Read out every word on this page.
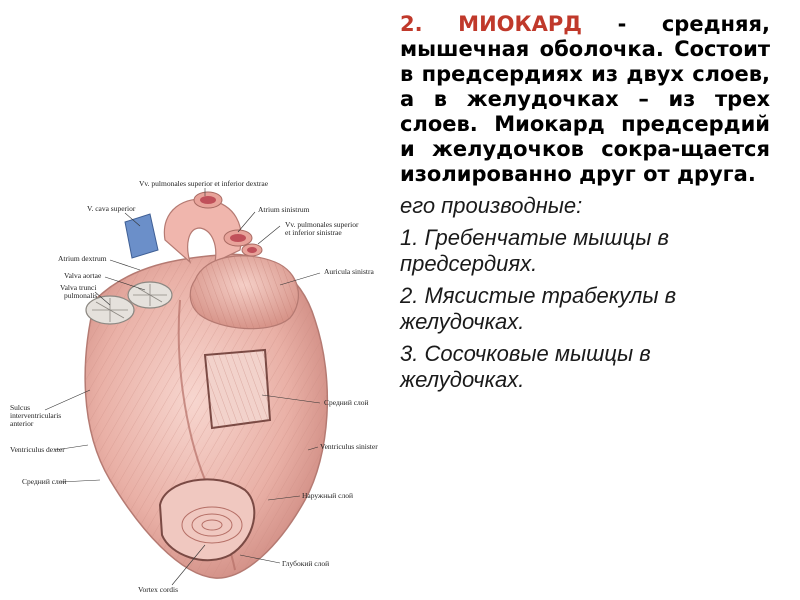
2. МИОКАРД - средняя, мышечная оболочка. Состоит в предсердиях из двух слоев, а в желудочках – из трех слоев. Миокард предсердий и желудочков сокра-щается изолированно друг от друга.

его производные:

1. Гребенчатые мышцы в

предсердиях.

2. Мясистые трабекулы в

желудочках.

3. Сосочковые мышцы в

желудочках.

Vv. pulmonales superior et inferior dextrae
V. cava superior	Atrium sinistrum
Vv. pulmonales superior
et inferior sinistrae
Atrium dextrum
Valva aortae
Valva trunci
pulmonalis
Auricula sinistra
Sulcus
interventricularis
anterior
Средний слой
Ventriculus dexter	Ventriculus sinister
Средний слой
Наружный слой
Глубокий слой
Vortex cordis
